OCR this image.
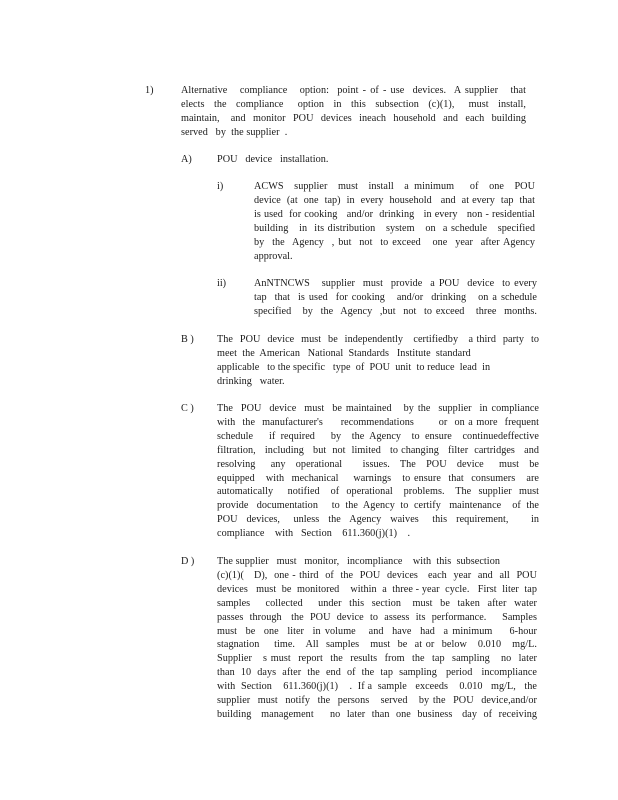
1)	Alternative   compliance   option:  point - of - use  devices.  A supplier   that
elects  the  compliance   option  in  this  subsection  (c)(1),   must  install,
maintain,   and  monitor  POU  devices  ineach  household  and  each  building
served   by  the supplier  .
A) POU   device   installation.
i)	ACWS  supplier  must  install  a minimum   of  one  POU
device  (at  one  tap)  in  every  household   and  at every  tap  that
is used  for cooking   and/or  drinking   in every   non - residential
building   in  its distribution   system   on  a schedule   specified
by  the  Agency  , but  not  to exceed   one  year  after Agency
approval.
ii)	AnNTNCWS   supplier  must  provide  a POU  device  to every
tap  that  is used  for cooking   and/or  drinking   on a schedule
specified   by  the  Agency  ,but  not  to exceed   three  months.
B ) The  POU  device  must  be  independently   certifiedby   a third  party  to
meet  the  American   National  Standards   Institute  standard
applicable   to the specific   type  of  POU  unit  to reduce  lead  in
drinking   water.
C ) The  POU  device  must  be maintained   by the  supplier  in compliance
with  the  manufacturer's     recommendations       or  on a more  frequent
schedule   if required   by  the Agency  to ensure  continuedeffective
filtration,   including   but  not  limited   to changing   filter  cartridges   and
resolving   any  operational    issues.  The  POU  device   must  be
equipped   with  mechanical    warnings   to ensure  that  consumers   are
automatically    notified   of  operational   problems.   The  supplier  must
provide   documentation     to  the  Agency  to  certify   maintenance    of  the
POU  devices,   unless  the  Agency  waives   this  requirement,     in
compliance    with   Section    611.360(j)(1)    .
D ) The supplier   must   monitor,   incompliance    with  this  subsection
(c)(1)(   D),  one - third  of  the  POU  devices   each  year  and  all  POU
devices   must  be  monitored    within  a  three - year  cycle.   First  liter  tap
samples    collected    under  this  section   must  be  taken  after  water
passes  through   the  POU  device  to  assess  its  performance.     Samples
must  be  one  liter  in volume   and  have  had  a minimum    6-hour
stagnation    time.   All  samples   must  be  at or  below   0.010   mg/L.
Supplier   s must  report  the  results  from  the  tap  sampling   no  later
than  10  days  after  the  end  of  the  tap  sampling   period   incompliance
with  Section    611.360(j)(1)    .  If a  sample   exceeds    0.010   mg/L,   the
supplier  must  notify  the  persons   served   by the  POU  device,and/or
building   management     no  later  than  one  business   day  of  receiving
